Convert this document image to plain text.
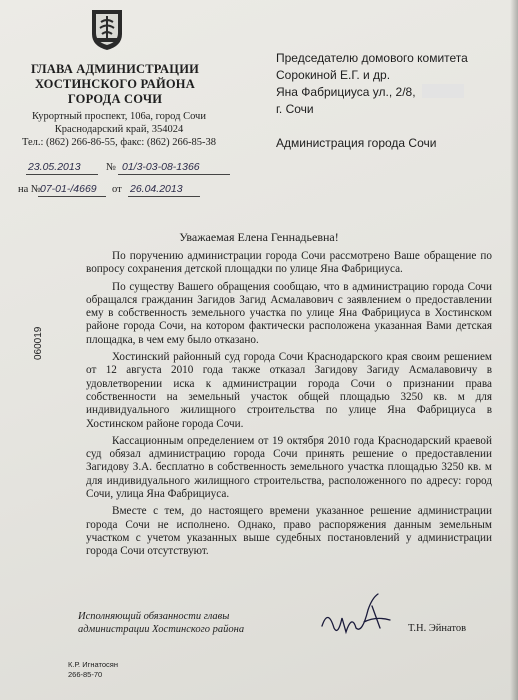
ГЛАВА АДМИНИСТРАЦИИ
ХОСТИНСКОГО РАЙОНА
ГОРОДА СОЧИ
Курортный проспект, 106а, город Сочи
Краснодарский край, 354024
Тел.: (862) 266-86-55, факс: (862) 266-85-38
23.05.2013 № 01/3-03-08-1366
на № 07-01-/4669 от 26.04.2013
Председателю домового комитета
Сорокиной Е.Г. и др.
Яна Фабрициуса ул., 2/8,
г. Сочи
Администрация города Сочи
Уважаемая Елена Геннадьевна!

По поручению администрации города Сочи рассмотрено Ваше обращение по вопросу сохранения детской площадки по улице Яна Фабрициуса.

По существу Вашего обращения сообщаю, что в администрацию города Сочи обращался гражданин Загидов Загид Асмалавович с заявлением о предоставлении ему в собственность земельного участка по улице Яна Фабрициуса в Хостинском районе города Сочи, на котором фактически расположена указанная Вами детская площадка, в чем ему было отказано.

Хостинский районный суд города Сочи Краснодарского края своим решением от 12 августа 2010 года также отказал Загидову Загиду Асмалавовичу в удовлетворении иска к администрации города Сочи о признании права собственности на земельный участок общей площадью 3250 кв. м для индивидуального жилищного строительства по улице Яна Фабрициуса в Хостинском районе города Сочи.

Кассационным определением от 19 октября 2010 года Краснодарский краевой суд обязал администрацию города Сочи принять решение о предоставлении Загидову З.А. бесплатно в собственность земельного участка площадью 3250 кв. м для индивидуального жилищного строительства, расположенного по адресу: город Сочи, улица Яна Фабрициуса.

Вместе с тем, до настоящего времени указанное решение администрации города Сочи не исполнено. Однако, право распоряжения данным земельным участком с учетом указанных выше судебных постановлений у администрации города Сочи отсутствуют.

060019
Исполняющий обязанности главы
администрации Хостинского района	Т.Н. Эйнатов
К.Р. Игнатосян
266-85-70
